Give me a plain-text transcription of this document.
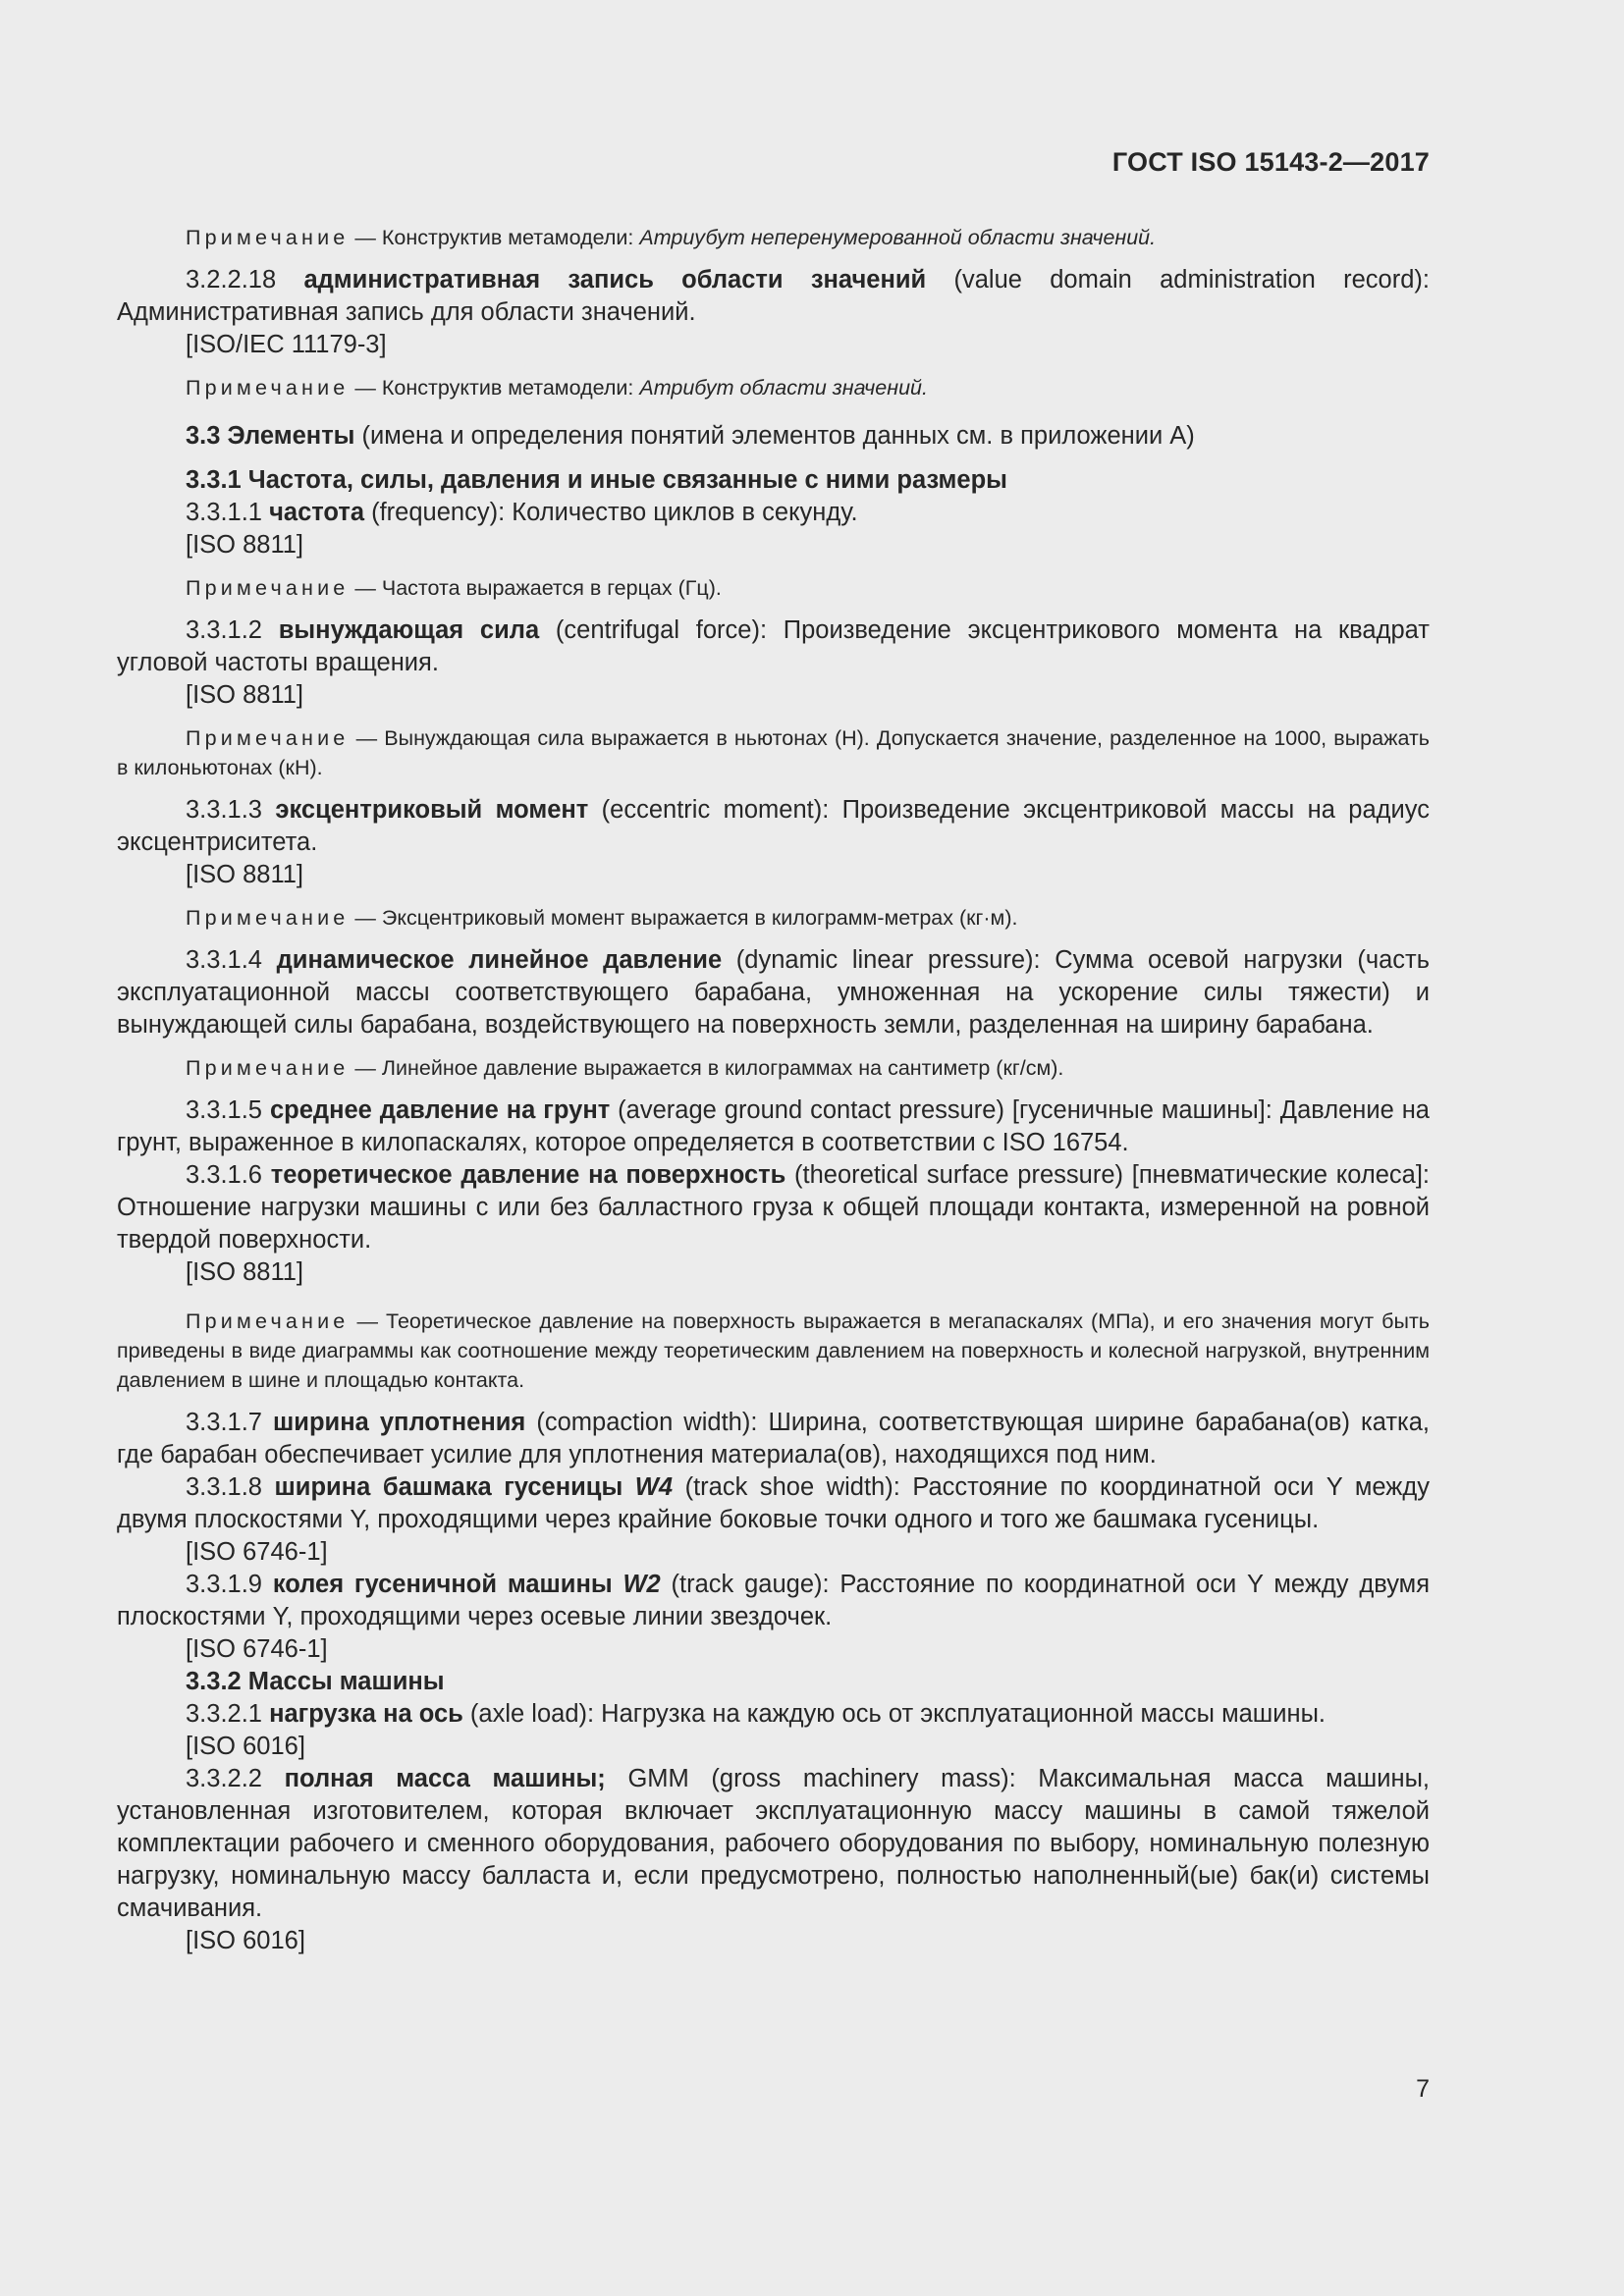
ГОСТ ISO 15143-2—2017

Примечание — Конструктив метамодели: Атриубут неперенумерованной области значений.

3.2.2.18 административная запись области значений (value domain administration record): Административная запись для области значений.

[ISO/IEC 11179-3]

Примечание — Конструктив метамодели: Атрибут области значений.

3.3 Элементы (имена и определения понятий элементов данных см. в приложении А)

3.3.1 Частота, силы, давления и иные связанные с ними размеры

3.3.1.1 частота (frequency): Количество циклов в секунду.

[ISO 8811]

Примечание — Частота выражается в герцах (Гц).

3.3.1.2 вынуждающая сила (centrifugal force): Произведение эксцентрикового момента на квадрат угловой частоты вращения.

[ISO 8811]

Примечание — Вынуждающая сила выражается в ньютонах (Н). Допускается значение, разделенное на 1000, выражать в килоньютонах (кН).

3.3.1.3 эксцентриковый момент (eccentric moment): Произведение эксцентриковой массы на радиус эксцентриситета.

[ISO 8811]

Примечание — Эксцентриковый момент выражается в килограмм-метрах (кг·м).

3.3.1.4 динамическое линейное давление (dynamic linear pressure): Сумма осевой нагрузки (часть эксплуатационной массы соответствующего барабана, умноженная на ускорение силы тяжести) и вынуждающей силы барабана, воздействующего на поверхность земли, разделенная на ширину барабана.

Примечание — Линейное давление выражается в килограммах на сантиметр (кг/см).

3.3.1.5 среднее давление на грунт (average ground contact pressure) [гусеничные машины]: Давление на грунт, выраженное в килопаскалях, которое определяется в соответствии с ISO 16754.

3.3.1.6 теоретическое давление на поверхность (theoretical surface pressure) [пневматические колеса]: Отношение нагрузки машины с или без балластного груза к общей площади контакта, измеренной на ровной твердой поверхности.

[ISO 8811]

Примечание — Теоретическое давление на поверхность выражается в мегапаскалях (МПа), и его значения могут быть приведены в виде диаграммы как соотношение между теоретическим давлением на поверхность и колесной нагрузкой, внутренним давлением в шине и площадью контакта.

3.3.1.7 ширина уплотнения (compaction width): Ширина, соответствующая ширине барабана(ов) катка, где барабан обеспечивает усилие для уплотнения материала(ов), находящихся под ним.

3.3.1.8 ширина башмака гусеницы W4 (track shoe width): Расстояние по координатной оси Y между двумя плоскостями Y, проходящими через крайние боковые точки одного и того же башмака гусеницы.

[ISO 6746-1]

3.3.1.9 колея гусеничной машины W2 (track gauge): Расстояние по координатной оси Y между двумя плоскостями Y, проходящими через осевые линии звездочек.

[ISO 6746-1]

3.3.2 Массы машины

3.3.2.1 нагрузка на ось (axle load): Нагрузка на каждую ось от эксплуатационной массы машины.

[ISO 6016]

3.3.2.2 полная масса машины; GMM (gross machinery mass): Максимальная масса машины, установленная изготовителем, которая включает эксплуатационную массу машины в самой тяжелой комплектации рабочего и сменного оборудования, рабочего оборудования по выбору, номинальную полезную нагрузку, номинальную массу балласта и, если предусмотрено, полностью наполненный(ые) бак(и) системы смачивания.

[ISO 6016]

7
